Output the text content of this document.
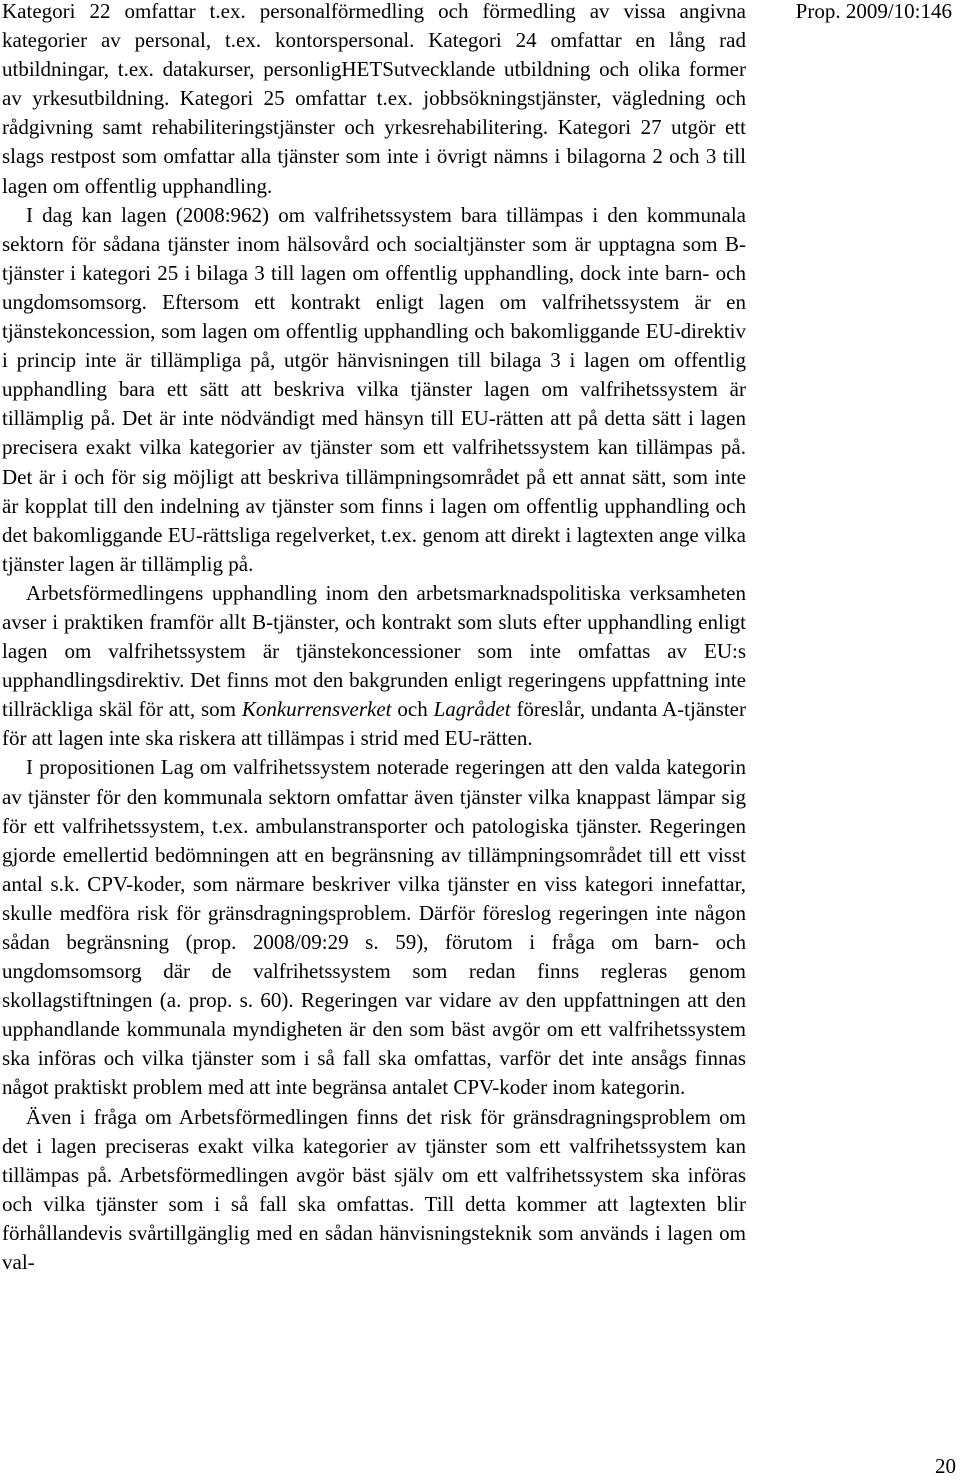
Prop. 2009/10:146

Kategori 22 omfattar t.ex. personalförmedling och förmedling av vissa angivna kategorier av personal, t.ex. kontorspersonal. Kategori 24 omfattar en lång rad utbildningar, t.ex. datakurser, personligHETSutvecklande utbildning och olika former av yrkesutbildning. Kategori 25 omfattar t.ex. jobbsökningstjänster, vägledning och rådgivning samt rehabiliteringstjänster och yrkesrehabilitering. Kategori 27 utgör ett slags restpost som omfattar alla tjänster som inte i övrigt nämns i bilagorna 2 och 3 till lagen om offentlig upphandling.

I dag kan lagen (2008:962) om valfrihetssystem bara tillämpas i den kommunala sektorn för sådana tjänster inom hälsovård och socialtjänster som är upptagna som B-tjänster i kategori 25 i bilaga 3 till lagen om offentlig upphandling, dock inte barn- och ungdomsomsorg. Eftersom ett kontrakt enligt lagen om valfrihetssystem är en tjänstekoncession, som lagen om offentlig upphandling och bakomliggande EU-direktiv i princip inte är tillämpliga på, utgör hänvisningen till bilaga 3 i lagen om offentlig upphandling bara ett sätt att beskriva vilka tjänster lagen om valfrihetssystem är tillämplig på. Det är inte nödvändigt med hänsyn till EU-rätten att på detta sätt i lagen precisera exakt vilka kategorier av tjänster som ett valfrihetssystem kan tillämpas på. Det är i och för sig möjligt att beskriva tillämpningsområdet på ett annat sätt, som inte är kopplat till den indelning av tjänster som finns i lagen om offentlig upphandling och det bakomliggande EU-rättsliga regelverket, t.ex. genom att direkt i lagtexten ange vilka tjänster lagen är tillämplig på.

Arbetsförmedlingens upphandling inom den arbetsmarknadspolitiska verksamheten avser i praktiken framför allt B-tjänster, och kontrakt som sluts efter upphandling enligt lagen om valfrihetssystem är tjänstekoncessioner som inte omfattas av EU:s upphandlingsdirektiv. Det finns mot den bakgrunden enligt regeringens uppfattning inte tillräckliga skäl för att, som Konkurrensverket och Lagrådet föreslår, undanta A-tjänster för att lagen inte ska riskera att tillämpas i strid med EU-rätten.

I propositionen Lag om valfrihetssystem noterade regeringen att den valda kategorin av tjänster för den kommunala sektorn omfattar även tjänster vilka knappast lämpar sig för ett valfrihetssystem, t.ex. ambulanstransporter och patologiska tjänster. Regeringen gjorde emellertid bedömningen att en begränsning av tillämpningsområdet till ett visst antal s.k. CPV-koder, som närmare beskriver vilka tjänster en viss kategori innefattar, skulle medföra risk för gränsdragningsproblem. Därför föreslog regeringen inte någon sådan begränsning (prop. 2008/09:29 s. 59), förutom i fråga om barn- och ungdomsomsorg där de valfrihetssystem som redan finns regleras genom skollagstiftningen (a. prop. s. 60). Regeringen var vidare av den uppfattningen att den upphandlande kommunala myndigheten är den som bäst avgör om ett valfrihetssystem ska införas och vilka tjänster som i så fall ska omfattas, varför det inte ansågs finnas något praktiskt problem med att inte begränsa antalet CPV-koder inom kategorin.

Även i fråga om Arbetsförmedlingen finns det risk för gränsdragningsproblem om det i lagen preciseras exakt vilka kategorier av tjänster som ett valfrihetssystem kan tillämpas på. Arbetsförmedlingen avgör bäst själv om ett valfrihetssystem ska införas och vilka tjänster som i så fall ska omfattas. Till detta kommer att lagtexten blir förhållandevis svårtillgänglig med en sådan hänvisningsteknik som används i lagen om val-

20
